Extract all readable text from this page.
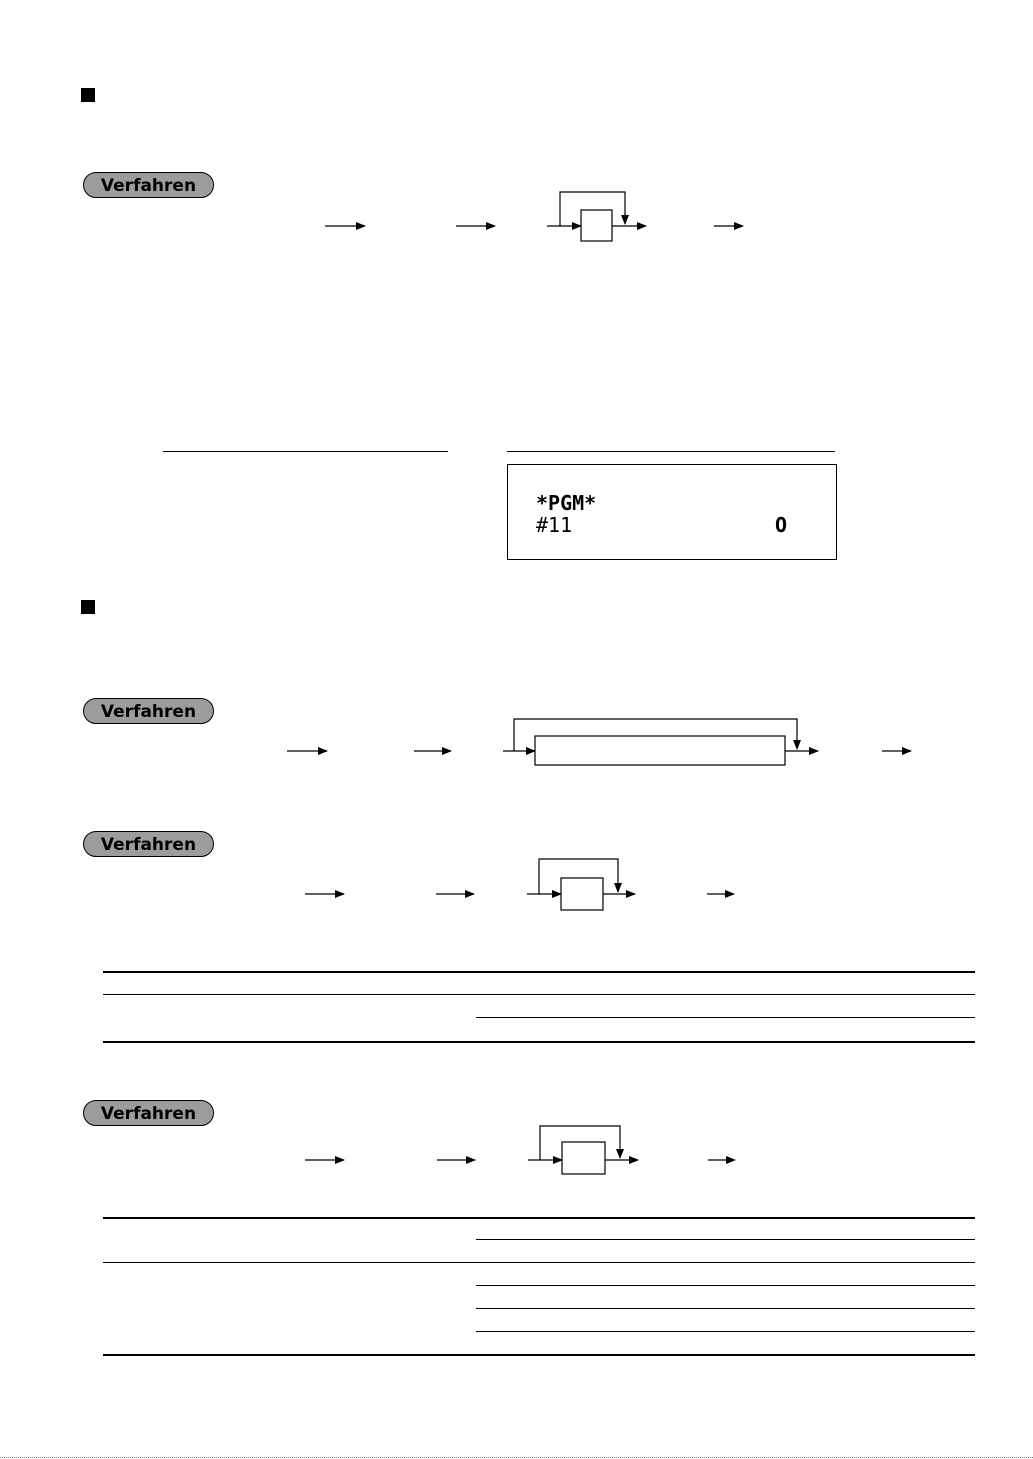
Verfahren
*PGM*
#11	O
Verfahren
Verfahren
Verfahren
